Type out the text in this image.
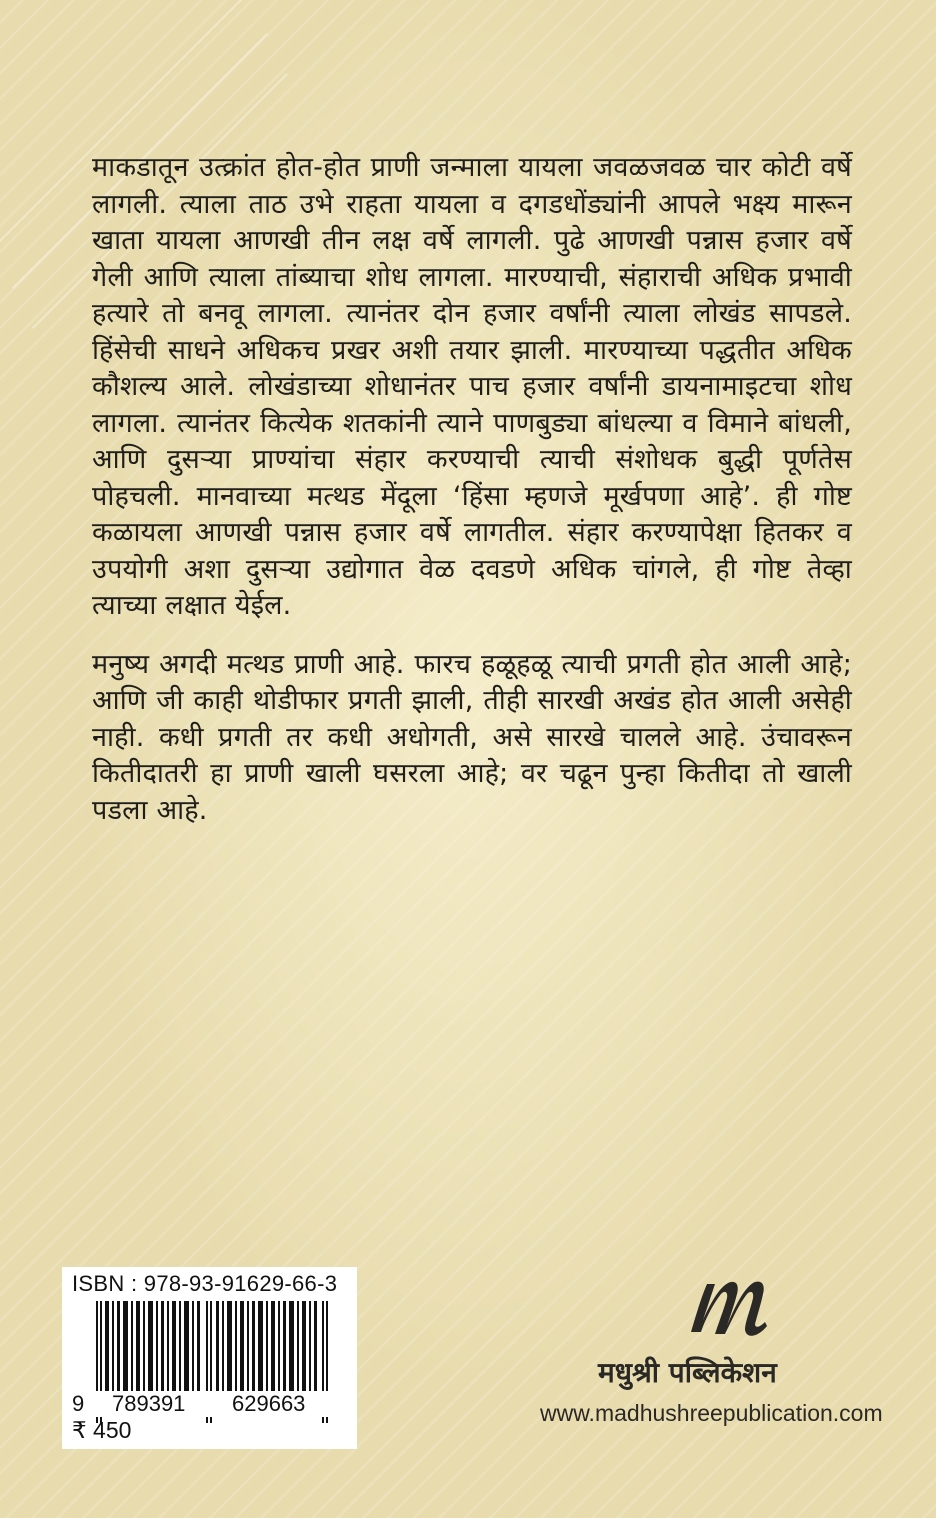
माकडातून उत्क्रांत होत-होत प्राणी जन्माला यायला जवळजवळ चार कोटी वर्षे लागली. त्याला ताठ उभे राहता यायला व दगडधोंड्यांनी आपले भक्ष्य मारून खाता यायला आणखी तीन लक्ष वर्षे लागली. पुढे आणखी पन्नास हजार वर्षे गेली आणि त्याला तांब्याचा शोध लागला. मारण्याची, संहाराची अधिक प्रभावी हत्यारे तो बनवू लागला. त्यानंतर दोन हजार वर्षांनी त्याला लोखंड सापडले. हिंसेची साधने अधिकच प्रखर अशी तयार झाली. मारण्याच्या पद्धतीत अधिक कौशल्य आले. लोखंडाच्या शोधानंतर पाच हजार वर्षांनी डायनामाइटचा शोध लागला. त्यानंतर कित्येक शतकांनी त्याने पाणबुड्या बांधल्या व विमाने बांधली, आणि दुसऱ्या प्राण्यांचा संहार करण्याची त्याची संशोधक बुद्धी पूर्णतेस पोहचली. मानवाच्या मत्थड मेंदूला ‘हिंसा म्हणजे मूर्खपणा आहे’. ही गोष्ट कळायला आणखी पन्नास हजार वर्षे लागतील. संहार करण्यापेक्षा हितकर व उपयोगी अशा दुसऱ्या उद्योगात वेळ दवडणे अधिक चांगले, ही गोष्ट तेव्हा त्याच्या लक्षात येईल.

मनुष्य अगदी मत्थड प्राणी आहे. फारच हळूहळू त्याची प्रगती होत आली आहे; आणि जी काही थोडीफार प्रगती झाली, तीही सारखी अखंड होत आली असेही नाही. कधी प्रगती तर कधी अधोगती, असे सारखे चालले आहे. उंचावरून कितीदातरी हा प्राणी खाली घसरला आहे; वर चढून पुन्हा कितीदा तो खाली पडला आहे.

ISBN : 978-93-91629-66-3
9 789391 629663
₹ 450
मधुश्री पब्लिकेशन
www.madhushreepublication.com
